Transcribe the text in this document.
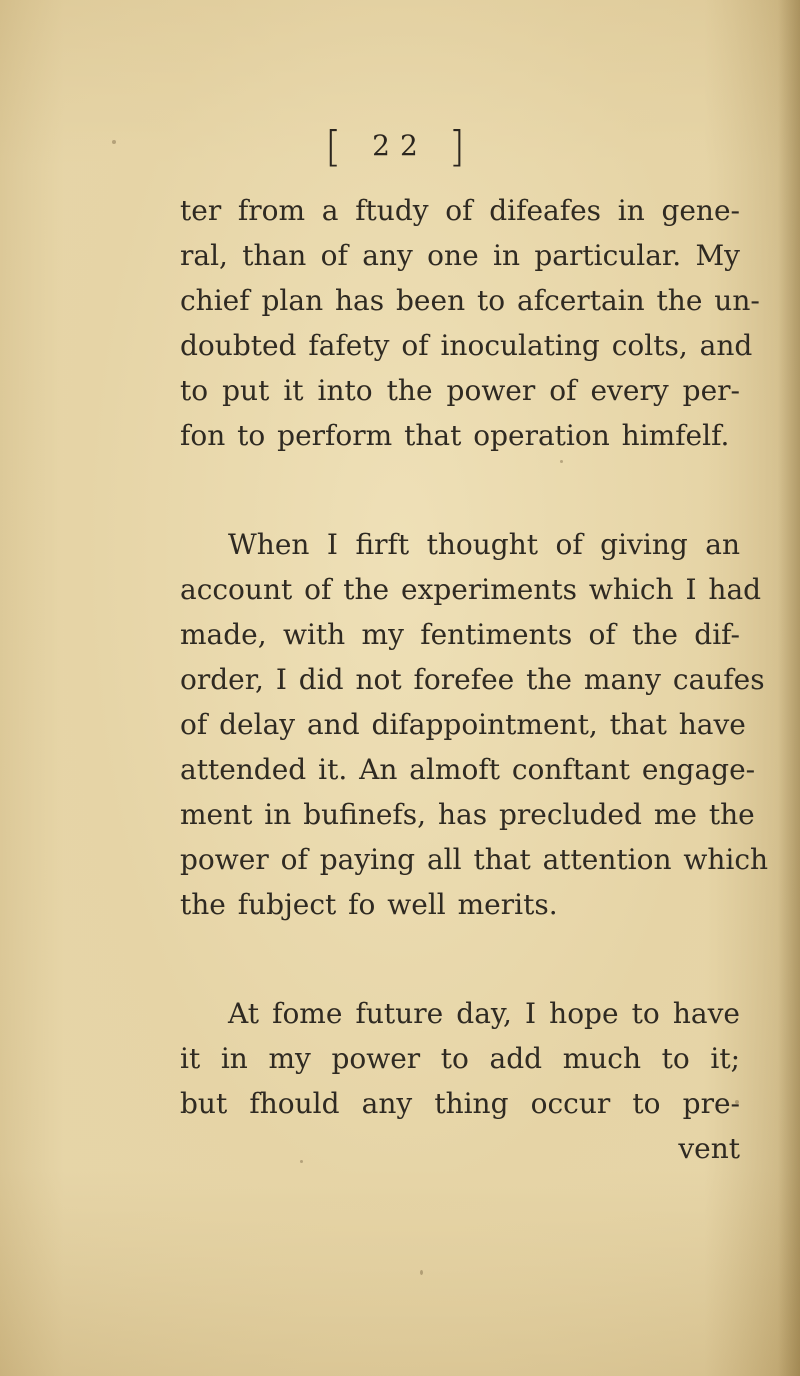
[ 22 ]

ter from a ftudy of difeafes in gene-
ral, than of any one in particular. My
chief plan has been to afcertain the un-
doubted fafety of inoculating colts, and
to put it into the power of every per-
fon to perform that operation himfelf.

When I firft thought of giving an
account of the experiments which I had
made, with my fentiments of the dif-
order, I did not forefee the many caufes
of delay and difappointment, that have
attended it. An almoft conftant engage-
ment in bufinefs, has precluded me the
power of paying all that attention which
the fubject fo well merits.

At fome future day, I hope to have
it in my power to add much to it;
but fhould any thing occur to pre-

vent
